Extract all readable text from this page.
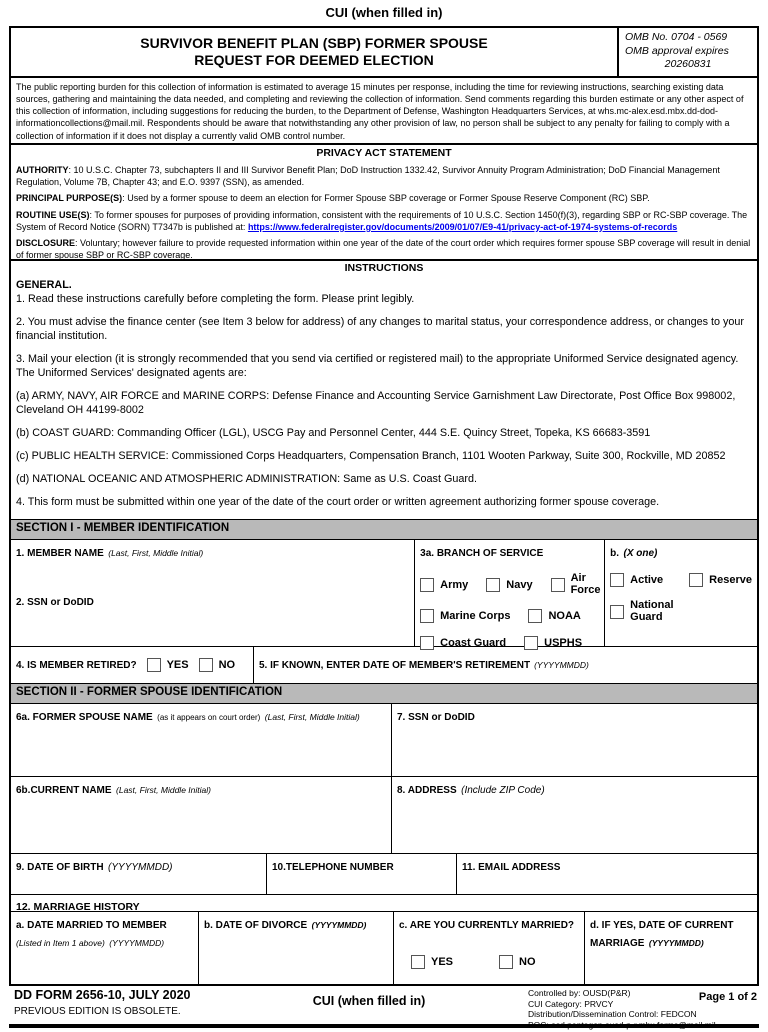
CUI (when filled in)
SURVIVOR BENEFIT PLAN (SBP) FORMER SPOUSE
REQUEST FOR DEEMED ELECTION
OMB No. 0704 - 0569
OMB approval expires
20260831
The public reporting burden for this collection of information is estimated to average 15 minutes per response, including the time for reviewing instructions, searching existing data sources, gathering and maintaining the data needed, and completing and reviewing the collection of information. Send comments regarding this burden estimate or any other aspect of this collection of information, including suggestions for reducing the burden, to the Department of Defense, Washington Headquarters Services, at whs.mc-alex.esd.mbx.dd-dod-informationcollections@mail.mil. Respondents should be aware that notwithstanding any other provision of law, no person shall be subject to any penalty for failing to comply with a collection of information if it does not display a currently valid OMB control number.
PRIVACY ACT STATEMENT
AUTHORITY: 10 U.S.C. Chapter 73, subchapters II and III Survivor Benefit Plan; DoD Instruction 1332.42, Survivor Annuity Program Administration; DoD Financial Management Regulation, Volume 7B, Chapter 43; and E.O. 9397 (SSN), as amended.
PRINCIPAL PURPOSE(S): Used by a former spouse to deem an election for Former Spouse SBP coverage or Former Spouse Reserve Component (RC) SBP.
ROUTINE USE(S): To former spouses for purposes of providing information, consistent with the requirements of 10 U.S.C. Section 1450(f)(3), regarding SBP or RC-SBP coverage. The System of Record Notice (SORN) T7347b is published at: https://www.federalregister.gov/documents/2009/01/07/E9-41/privacy-act-of-1974-systems-of-records
DISCLOSURE: Voluntary; however failure to provide requested information within one year of the date of the court order which requires former spouse SBP coverage will result in denial of former spouse SBP or RC-SBP coverage.
INSTRUCTIONS
GENERAL.
1. Read these instructions carefully before completing the form. Please print legibly.
2. You must advise the finance center (see Item 3 below for address) of any changes to marital status, your correspondence address, or changes to your financial institution.
3. Mail your election (it is strongly recommended that you send via certified or registered mail) to the appropriate Uniformed Service designated agency. The Uniformed Services' designated agents are:
(a) ARMY, NAVY, AIR FORCE and MARINE CORPS: Defense Finance and Accounting Service Garnishment Law Directorate, Post Office Box 998002, Cleveland OH 44199-8002
(b) COAST GUARD: Commanding Officer (LGL), USCG Pay and Personnel Center, 444 S.E. Quincy Street, Topeka, KS 66683-3591
(c) PUBLIC HEALTH SERVICE: Commissioned Corps Headquarters, Compensation Branch, 1101 Wooten Parkway, Suite 300, Rockville, MD 20852
(d) NATIONAL OCEANIC AND ATMOSPHERIC ADMINISTRATION: Same as U.S. Coast Guard.
4. This form must be submitted within one year of the date of the court order or written agreement authorizing former spouse coverage.
SECTION I - MEMBER IDENTIFICATION
1. MEMBER NAME (Last, First, Middle Initial)
2. SSN or DoDID
3a. BRANCH OF SERVICE
Army	Navy
Air Force
Marine Corps	NOAA
Coast Guard	USPHS
b. (X one)
Active	Reserve
National Guard
4. IS MEMBER RETIRED?	YES	NO 5. IF KNOWN, ENTER DATE OF MEMBER'S RETIREMENT (YYYYMMDD)
SECTION II - FORMER SPOUSE IDENTIFICATION
6a. FORMER SPOUSE NAME (as it appears on court order) (Last, First, Middle Initial)	7. SSN or DoDID
6b.CURRENT NAME (Last, First, Middle Initial)	8. ADDRESS (Include ZIP Code)
9. DATE OF BIRTH (YYYYMMDD)	10.TELEPHONE NUMBER	11. EMAIL ADDRESS
12. MARRIAGE HISTORY
a. DATE MARRIED TO MEMBER
(Listed in Item 1 above) (YYYYMMDD)
b. DATE OF DIVORCE (YYYYMMDD)	c. ARE YOU CURRENTLY MARRIED?
YES	NO
d. IF YES, DATE OF CURRENT MARRIAGE (YYYYMMDD)
DD FORM 2656-10, JULY 2020
PREVIOUS EDITION IS OBSOLETE.
CUI (when filled in)
Controlled by: OUSD(P&R)
CUI Category: PRVCY
Distribution/Dissemination Control: FEDCON
Page 1 of 2
